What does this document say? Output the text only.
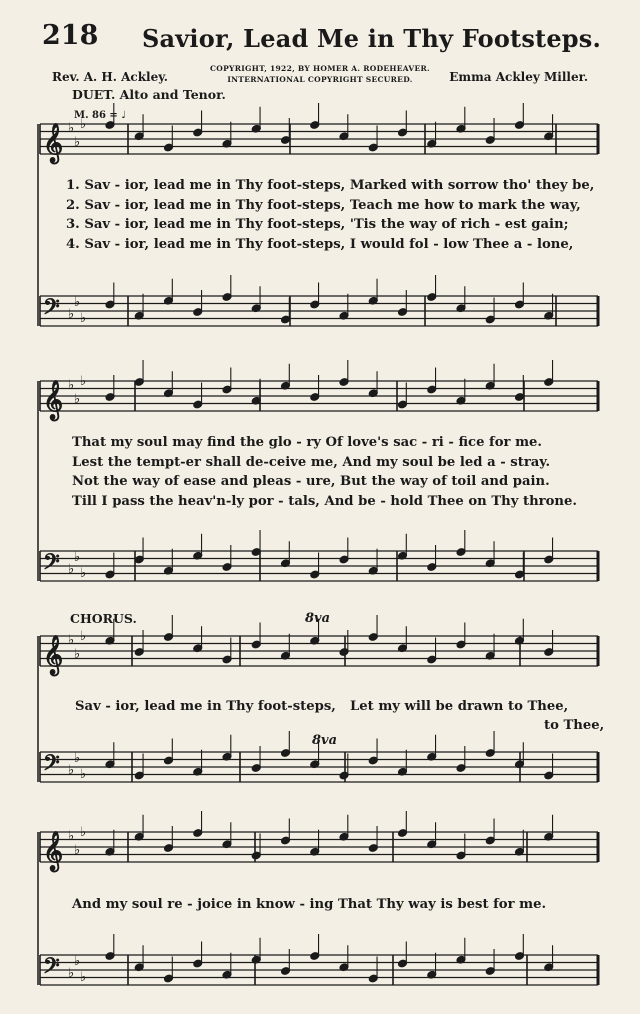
218 Savior, Lead Me in Thy Footsteps.
Rev. A. H. Ackley.
COPYRIGHT, 1922, BY HOMER A. RODEHEAVER.
INTERNATIONAL COPYRIGHT SECURED.	Emma Ackley Miller.
DUET. Alto and Tenor.
M. 86 = ♩
𝄞 ♭
♭
♭
𝄢 ♭
♭
♭
𝄞 ♭
♭
♭
𝄢 ♭
♭
♭
𝄞 ♭
♭
♭
𝄢 ♭
♭
♭
𝄞 ♭
♭
♭
𝄢 ♭
♭
♭
1. Sav - ior, lead me in Thy foot-steps, Marked with sorrow tho' they be,
2. Sav - ior, lead me in Thy foot-steps, Teach me how to mark the way,
3. Sav - ior, lead me in Thy foot-steps, 'Tis the way of rich - est gain;
4. Sav - ior, lead me in Thy foot-steps, I would fol - low Thee a - lone,
That my soul may find the glo - ry Of love's sac - ri - fice for me.
Lest the tempt-er shall de-ceive me, And my soul be led a - stray.
Not the way of ease and pleas - ure, But the way of toil and pain.
Till I pass the heav'n-ly por - tals, And be - hold Thee on Thy throne.
CHORUS.	8va
Sav - ior, lead me in Thy foot-steps, Let my will be drawn to Thee,
to Thee,
8va
And my soul re - joice in know - ing That Thy way is best for me.
